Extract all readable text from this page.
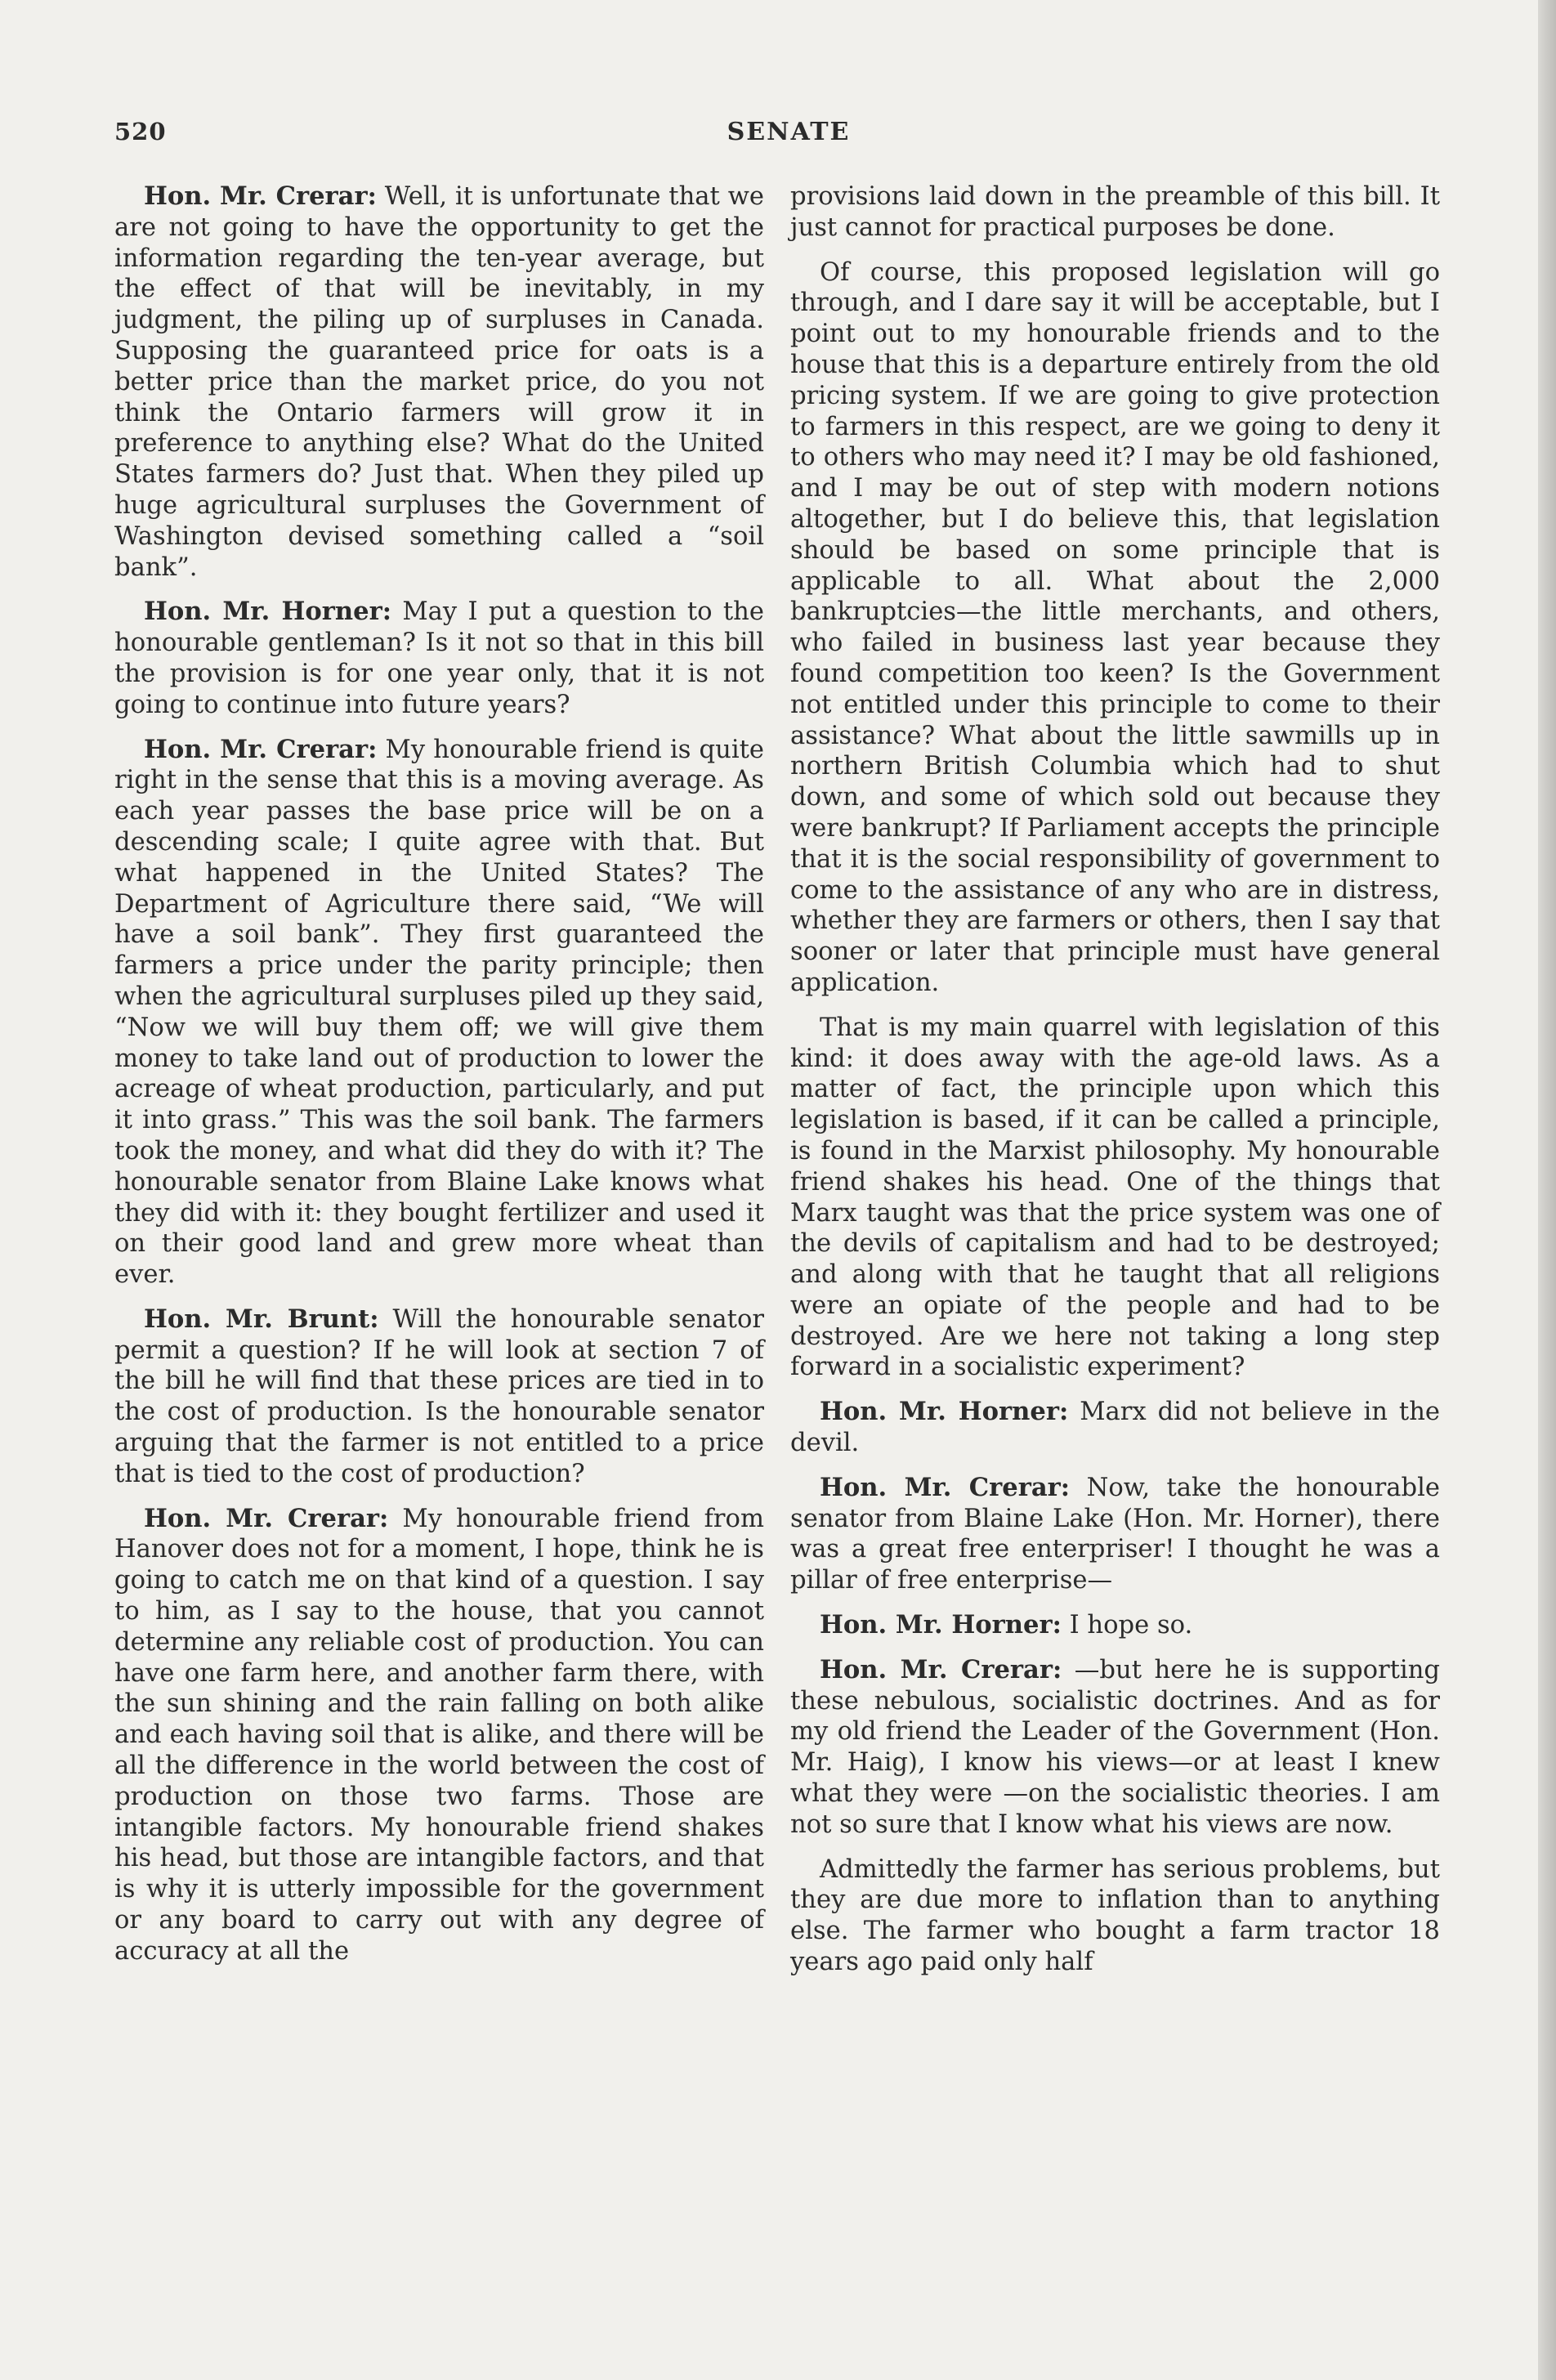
520	SENATE

Hon. Mr. Crerar: Well, it is unfortunate that we are not going to have the opportunity to get the information regarding the ten-year average, but the effect of that will be inevitably, in my judgment, the piling up of surpluses in Canada. Supposing the guaranteed price for oats is a better price than the market price, do you not think the Ontario farmers will grow it in preference to anything else? What do the United States farmers do? Just that. When they piled up huge agricultural surpluses the Government of Washington devised something called a “soil bank”.

Hon. Mr. Horner: May I put a question to the honourable gentleman? Is it not so that in this bill the provision is for one year only, that it is not going to continue into future years?

Hon. Mr. Crerar: My honourable friend is quite right in the sense that this is a moving average. As each year passes the base price will be on a descending scale; I quite agree with that. But what happened in the United States? The Department of Agriculture there said, “We will have a soil bank”. They first guaranteed the farmers a price under the parity principle; then when the agricultural surpluses piled up they said, “Now we will buy them off; we will give them money to take land out of production to lower the acreage of wheat production, particularly, and put it into grass.” This was the soil bank. The farmers took the money, and what did they do with it? The honourable senator from Blaine Lake knows what they did with it: they bought fertilizer and used it on their good land and grew more wheat than ever.

Hon. Mr. Brunt: Will the honourable senator permit a question? If he will look at section 7 of the bill he will find that these prices are tied in to the cost of production. Is the honourable senator arguing that the farmer is not entitled to a price that is tied to the cost of production?

Hon. Mr. Crerar: My honourable friend from Hanover does not for a moment, I hope, think he is going to catch me on that kind of a question. I say to him, as I say to the house, that you cannot determine any reliable cost of production. You can have one farm here, and another farm there, with the sun shining and the rain falling on both alike and each having soil that is alike, and there will be all the difference in the world between the cost of production on those two farms. Those are intangible factors. My honourable friend shakes his head, but those are intangible factors, and that is why it is utterly impossible for the government or any board to carry out with any degree of accuracy at all the

provisions laid down in the preamble of this bill. It just cannot for practical purposes be done.

Of course, this proposed legislation will go through, and I dare say it will be acceptable, but I point out to my honourable friends and to the house that this is a departure entirely from the old pricing system. If we are going to give protection to farmers in this respect, are we going to deny it to others who may need it? I may be old fashioned, and I may be out of step with modern notions altogether, but I do believe this, that legislation should be based on some principle that is applicable to all. What about the 2,000 bankruptcies—the little merchants, and others, who failed in business last year because they found competition too keen? Is the Government not entitled under this principle to come to their assistance? What about the little sawmills up in northern British Columbia which had to shut down, and some of which sold out because they were bankrupt? If Parliament accepts the principle that it is the social responsibility of government to come to the assistance of any who are in distress, whether they are farmers or others, then I say that sooner or later that principle must have general application.

That is my main quarrel with legislation of this kind: it does away with the age-old laws. As a matter of fact, the principle upon which this legislation is based, if it can be called a principle, is found in the Marxist philosophy. My honourable friend shakes his head. One of the things that Marx taught was that the price system was one of the devils of capitalism and had to be destroyed; and along with that he taught that all religions were an opiate of the people and had to be destroyed. Are we here not taking a long step forward in a socialistic experiment?

Hon. Mr. Horner: Marx did not believe in the devil.

Hon. Mr. Crerar: Now, take the honourable senator from Blaine Lake (Hon. Mr. Horner), there was a great free enterpriser! I thought he was a pillar of free enterprise—

Hon. Mr. Horner: I hope so.

Hon. Mr. Crerar: —but here he is supporting these nebulous, socialistic doctrines. And as for my old friend the Leader of the Government (Hon. Mr. Haig), I know his views—or at least I knew what they were —on the socialistic theories. I am not so sure that I know what his views are now.

Admittedly the farmer has serious problems, but they are due more to inflation than to anything else. The farmer who bought a farm tractor 18 years ago paid only half
